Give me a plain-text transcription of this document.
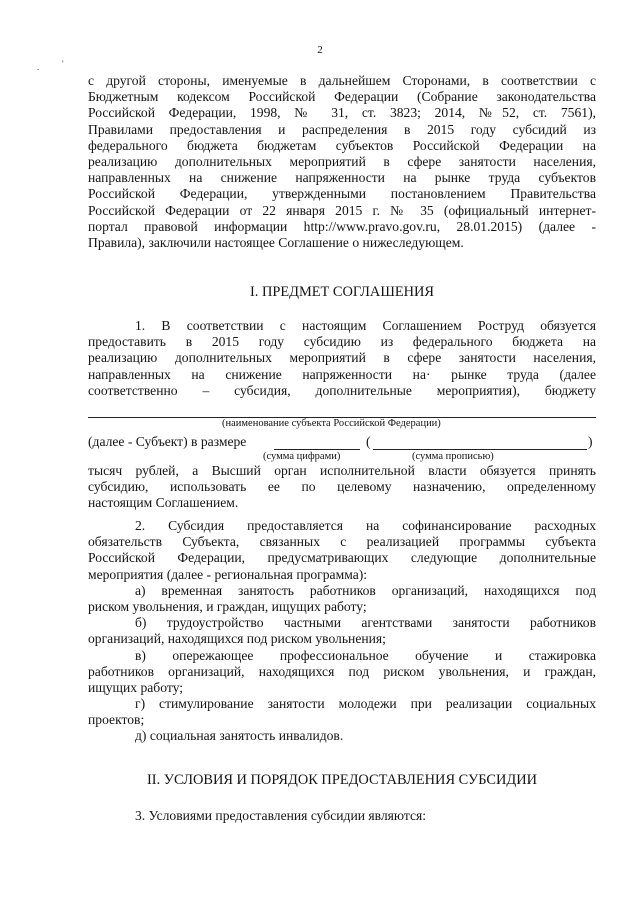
2
.	'
с другой стороны, именуемые в дальнейшем Сторонами, в соответствии с
Бюджетным кодексом Российской Федерации (Собрание законодательства
Российской Федерации, 1998, № 31, ст. 3823; 2014, №52, ст. 7561),
Правилами предоставления и распределения в 2015 году субсидий из
федерального бюджета бюджетам субъектов Российской Федерации на
реализацию дополнительных мероприятий в сфере занятости населения,
направленных на снижение напряженности на рынке труда субъектов
Российской Федерации, утвержденными постановлением Правительства
Российской Федерации от 22 января 2015 г. № 35 (официальный интернет-
портал правовой информации http://www.pravo.gov.ru, 28.01.2015) (далее -
Правила), заключили настоящее Соглашение о нижеследующем.
I. ПРЕДМЕТ СОГЛАШЕНИЯ
1. В соответствии с настоящим Соглашением Роструд обязуется
предоставить в 2015 году субсидию из федерального бюджета на
реализацию дополнительных мероприятий в сфере занятости населения,
направленных на снижение напряженности на· рынке труда (далее
соответственно – субсидия, дополнительные мероприятия), бюджету
(наименование субъекта Российской Федерации)
(далее - Субъект) в размере	(	)
(сумма цифрами)	(сумма прописью)
тысяч рублей, а Высший орган исполнительной власти обязуется принять
субсидию, использовать ее по целевому назначению, определенному
настоящим Соглашением.
2. Субсидия предоставляется на софинансирование расходных
обязательств Субъекта, связанных с реализацией программы субъекта
Российской Федерации, предусматривающих следующие дополнительные
мероприятия (далее - региональная программа):
а) временная занятость работников организаций, находящихся под
риском увольнения, и граждан, ищущих работу;
б) трудоустройство частными агентствами занятости работников
организаций, находящихся под риском увольнения;
в) опережающее профессиональное обучение и стажировка
работников организаций, находящихся под риском увольнения, и граждан,
ищущих работу;
г) стимулирование занятости молодежи при реализации социальных
проектов;
д) социальная занятость инвалидов.
II. УСЛОВИЯ И ПОРЯДОК ПРЕДОСТАВЛЕНИЯ СУБСИДИИ
3. Условиями предоставления субсидии являются:
